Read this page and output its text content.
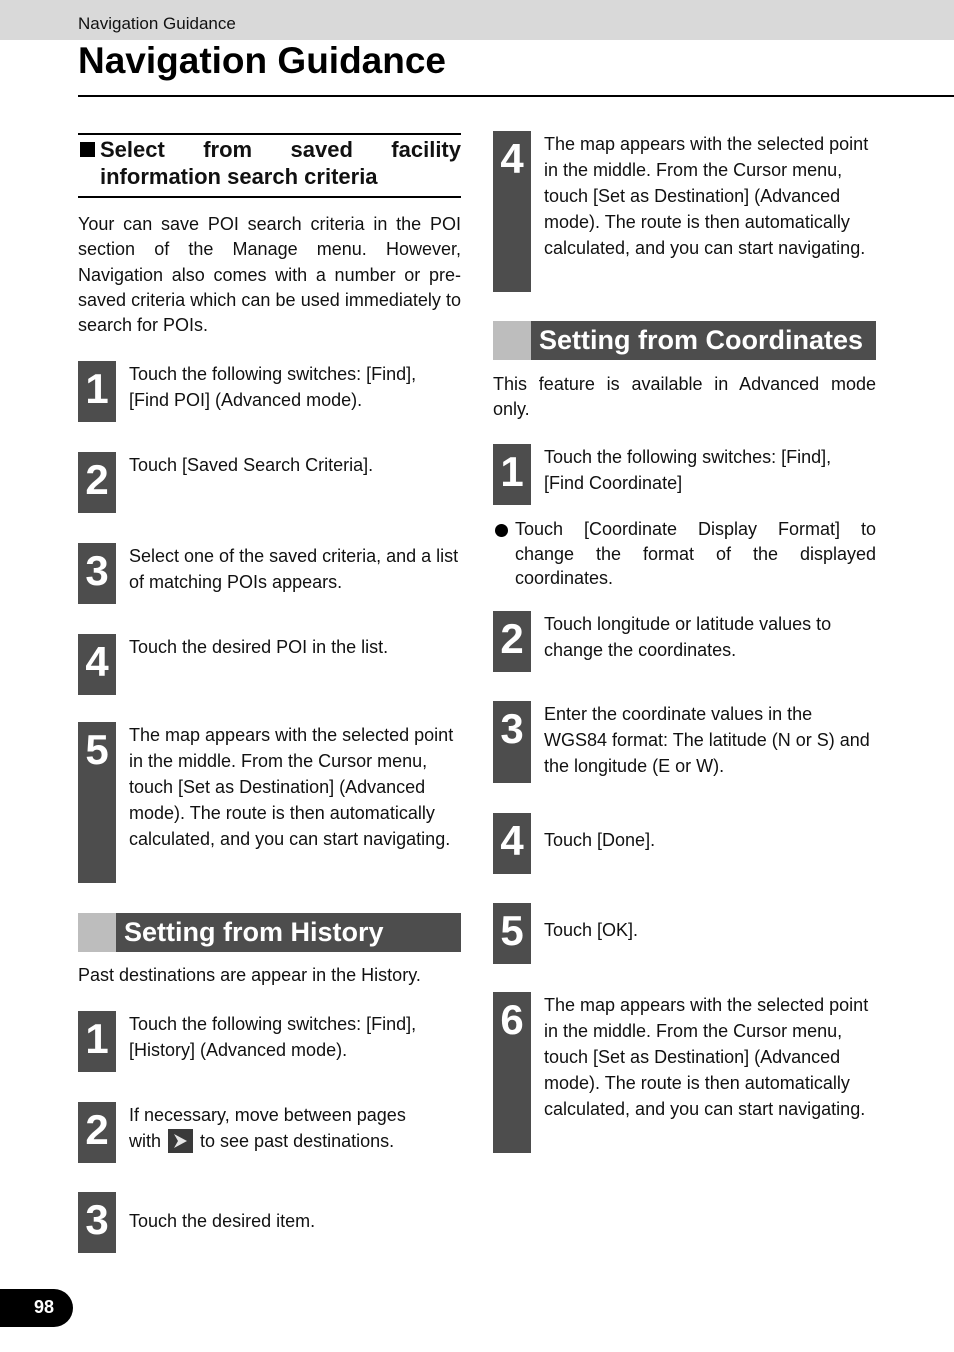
Navigation Guidance
Navigation Guidance
Select from saved facility information search criteria

Your can save POI search criteria in the POI section of the Manage menu. However, Navigation also comes with a number or pre-saved criteria which can be used immediately to search for POIs.

1	Touch the following switches: [Find], [Find POI] (Advanced mode).
2	Touch [Saved Search Criteria].
3	Select one of the saved criteria, and a list of matching POIs appears.
4	Touch the desired POI in the list.
5	The map appears with the selected point in the middle. From the Cursor menu, touch [Set as Destination] (Advanced mode). The route is then automatically calculated, and you can start navigating.
Setting from History

Past destinations are appear in the History.

1	Touch the following switches: [Find], [History] (Advanced mode).
2	If necessary, move between pages
with
to see past destinations.
3	Touch the desired item.
4	The map appears with the selected point in the middle. From the Cursor menu, touch [Set as Destination] (Advanced mode). The route is then automatically calculated, and you can start navigating.
Setting from Coordinates

This feature is available in Advanced mode only.

1	Touch the following switches: [Find], [Find Coordinate]
Touch [Coordinate Display Format] to change the format of the displayed coordinates.
2	Touch longitude or latitude values to change the coordinates.
3	Enter the coordinate values in the WGS84 format: The latitude (N or S) and the longitude (E or W).
4	Touch [Done].
5	Touch [OK].
6	The map appears with the selected point in the middle. From the Cursor menu, touch [Set as Destination] (Advanced mode). The route is then automatically calculated, and you can start navigating.
98
